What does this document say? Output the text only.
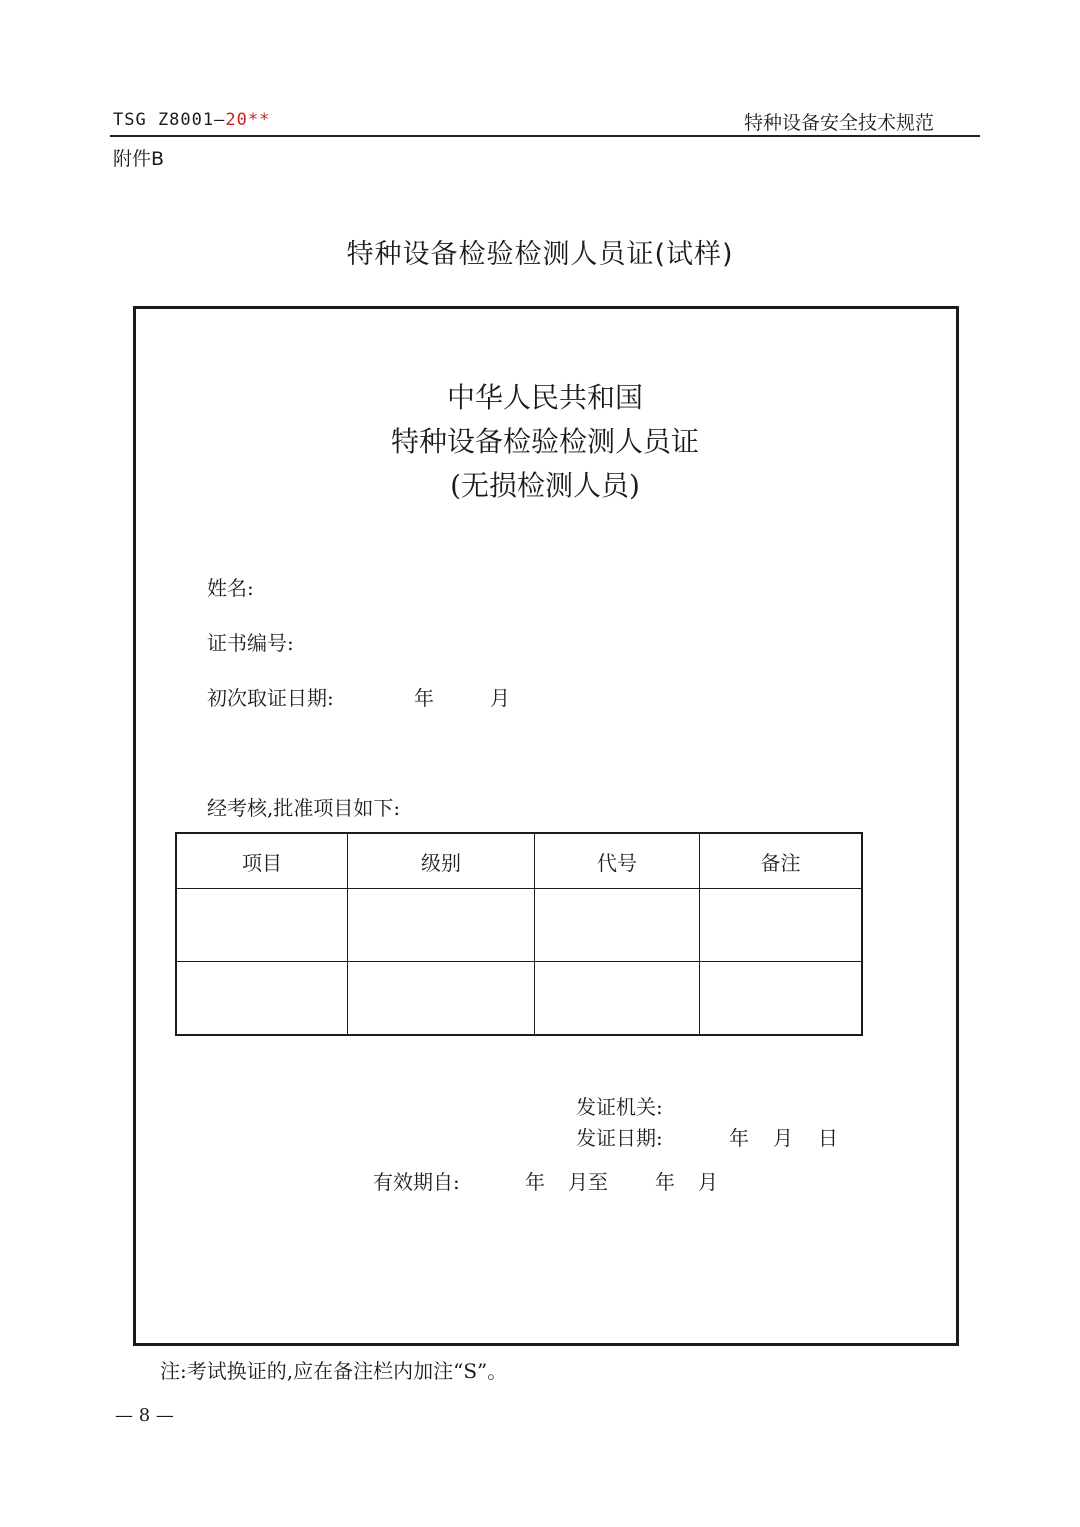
TSG Z8001—20**	特种设备安全技术规范
附件B
特种设备检验检测人员证(试样)
中华人民共和国
特种设备检验检测人员证
(无损检测人员)
姓名:
证书编号:
初次取证日期:	年	月
经考核,批准项目如下:
项目	级别	代号	备注

发证机关:
发证日期:	年 月 日
有效期自:	年 月至 年 月
注:考试换证的,应在备注栏内加注“S”。
— 8 —
